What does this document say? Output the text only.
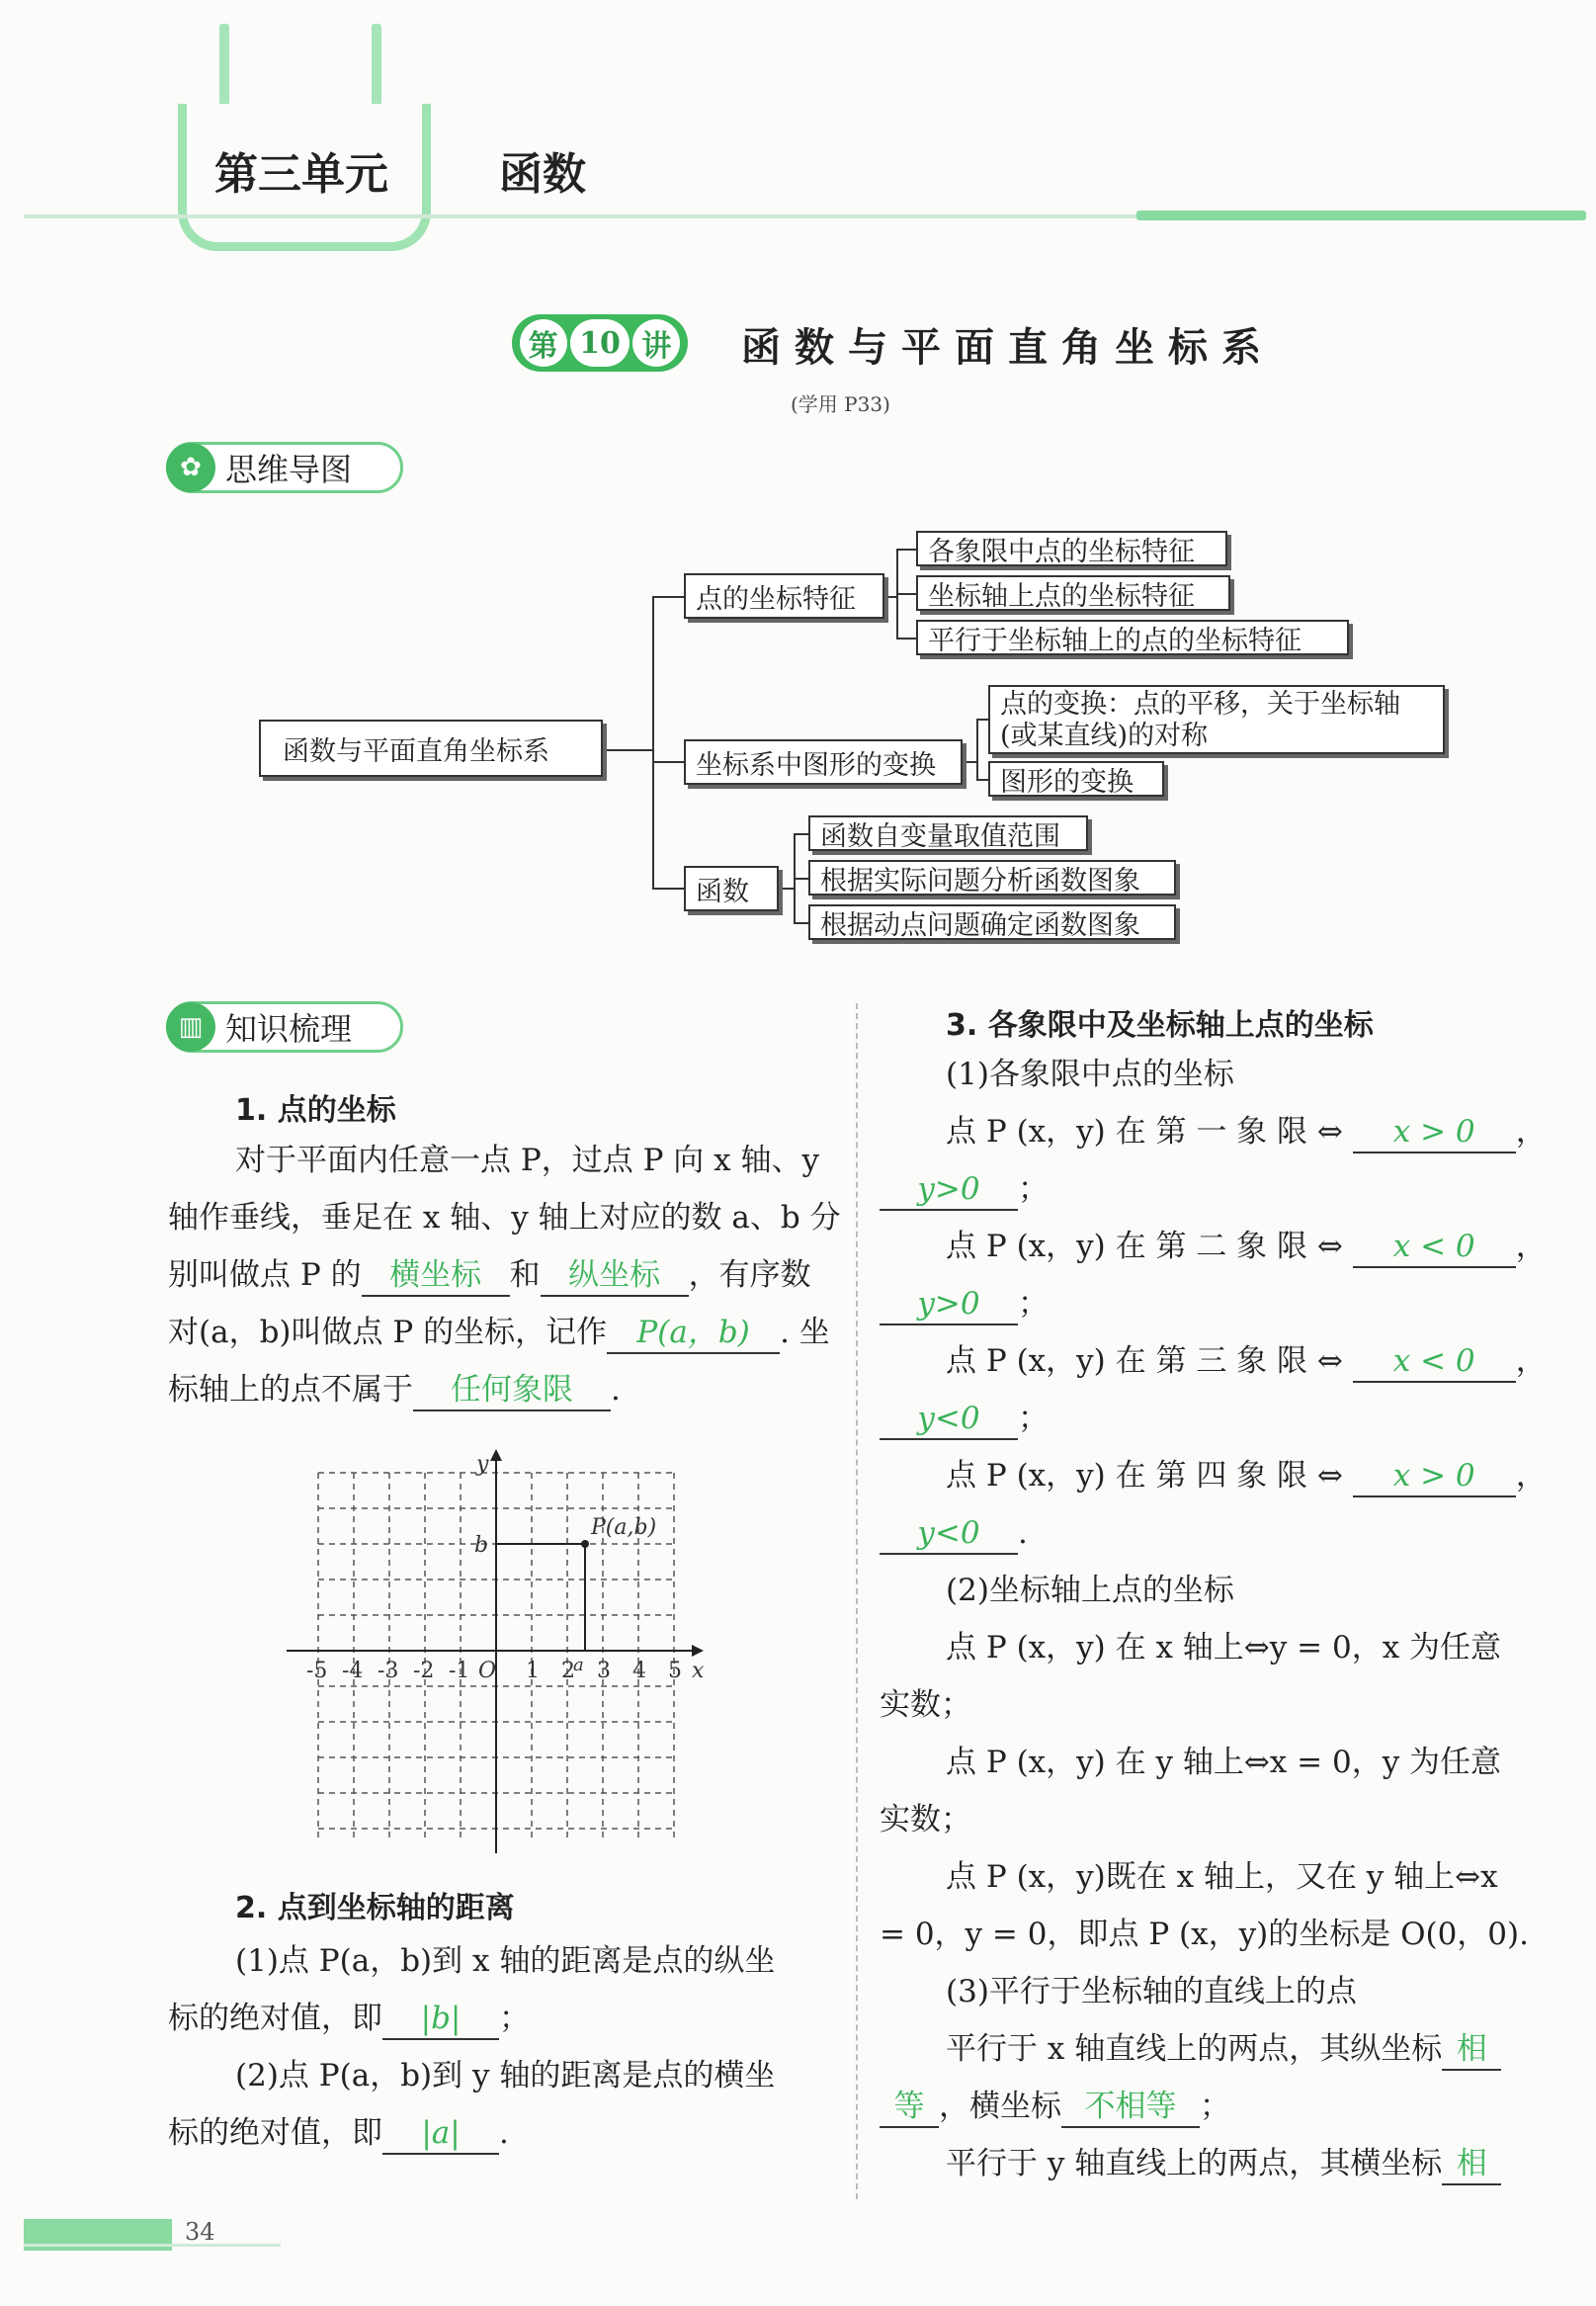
第三单元	函数
第 10 讲 函数与平面直角坐标系
(学用 P33)
✿ 思维导图
函数与平面直角坐标系
点的坐标特征
各象限中点的坐标特征
坐标轴上点的坐标特征
平行于坐标轴上的点的坐标特征
坐标系中图形的变换
点的变换：点的平移，关于坐标轴(或某直线)的对称
图形的变换
函数
函数自变量取值范围
根据实际问题分析函数图象
根据动点问题确定函数图象
▥ 知识梳理
1. 点的坐标
对于平面内任意一点 P，过点 P 向 x 轴、y
轴作垂线，垂足在 x 轴、y 轴上对应的数 a、b 分
别叫做点 P 的 横坐标 和 纵坐标 ，有序数
对(a，b)叫做点 P 的坐标，记作 P(a，b) . 坐
标轴上的点不属于 任何象限 .
-5 -4 -3 -2 -1 O 1 2 3 4 5 x
y
P(a,b)
a
b
2. 点到坐标轴的距离
(1)点 P(a，b)到 x 轴的距离是点的纵坐
标的绝对值，即 |b| ；
(2)点 P(a，b)到 y 轴的距离是点的横坐
标的绝对值，即 |a| .
3. 各象限中及坐标轴上点的坐标
(1)各象限中点的坐标
点 P (x，y) 在 第 一 象 限 ⇔ x > 0 ，
y>0 ；
点 P (x，y) 在 第 二 象 限 ⇔ x < 0 ，
y>0 ；
点 P (x，y) 在 第 三 象 限 ⇔ x < 0 ，
y<0 ；
点 P (x，y) 在 第 四 象 限 ⇔ x > 0 ，
y<0 .
(2)坐标轴上点的坐标
点 P (x，y) 在 x 轴上⇔y = 0，x 为任意
实数；
点 P (x，y) 在 y 轴上⇔x = 0，y 为任意
实数；
点 P (x，y)既在 x 轴上，又在 y 轴上⇔x
= 0，y = 0，即点 P (x，y)的坐标是 O(0，0).
(3)平行于坐标轴的直线上的点
平行于 x 轴直线上的两点，其纵坐标 相
等 ，横坐标 不相等 ；
平行于 y 轴直线上的两点，其横坐标 相
34
